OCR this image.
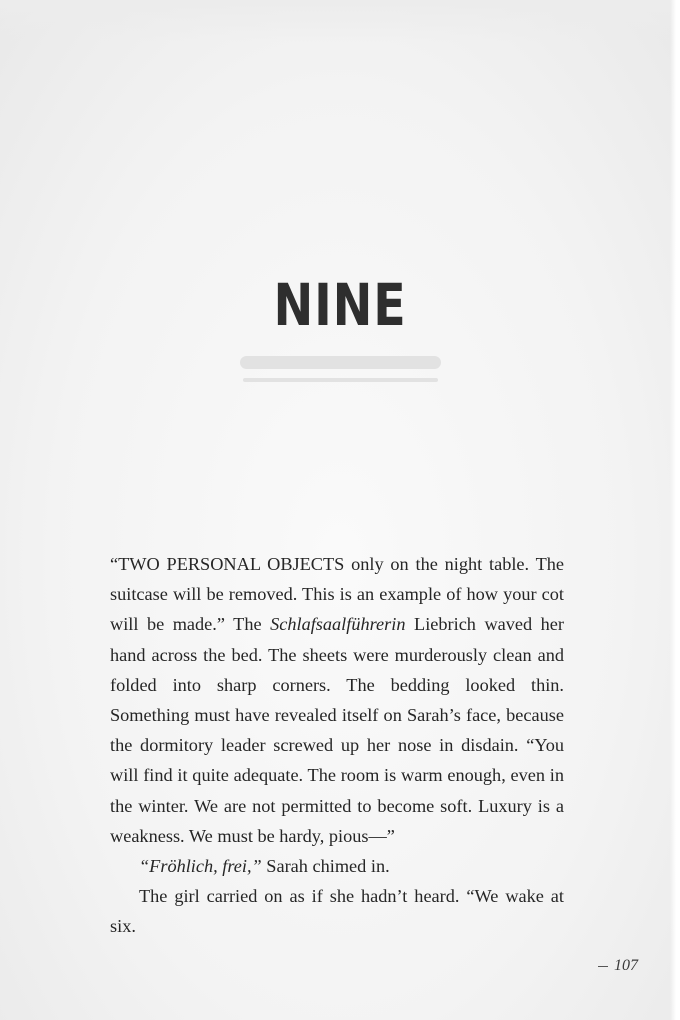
NINE

“TWO PERSONAL OBJECTS only on the night table. The suitcase will be removed. This is an example of how your cot will be made.” The Schlafsaalführerin Liebrich waved her hand across the bed. The sheets were murderously clean and folded into sharp corners. The bedding looked thin. Something must have revealed itself on Sarah’s face, because the dormitory leader screwed up her nose in disdain. “You will find it quite adequate. The room is warm enough, even in the winter. We are not permitted to become soft. Luxury is a weakness. We must be hardy, pious—”

“Fröhlich, frei,” Sarah chimed in.

The girl carried on as if she hadn’t heard. “We wake at six.

107
